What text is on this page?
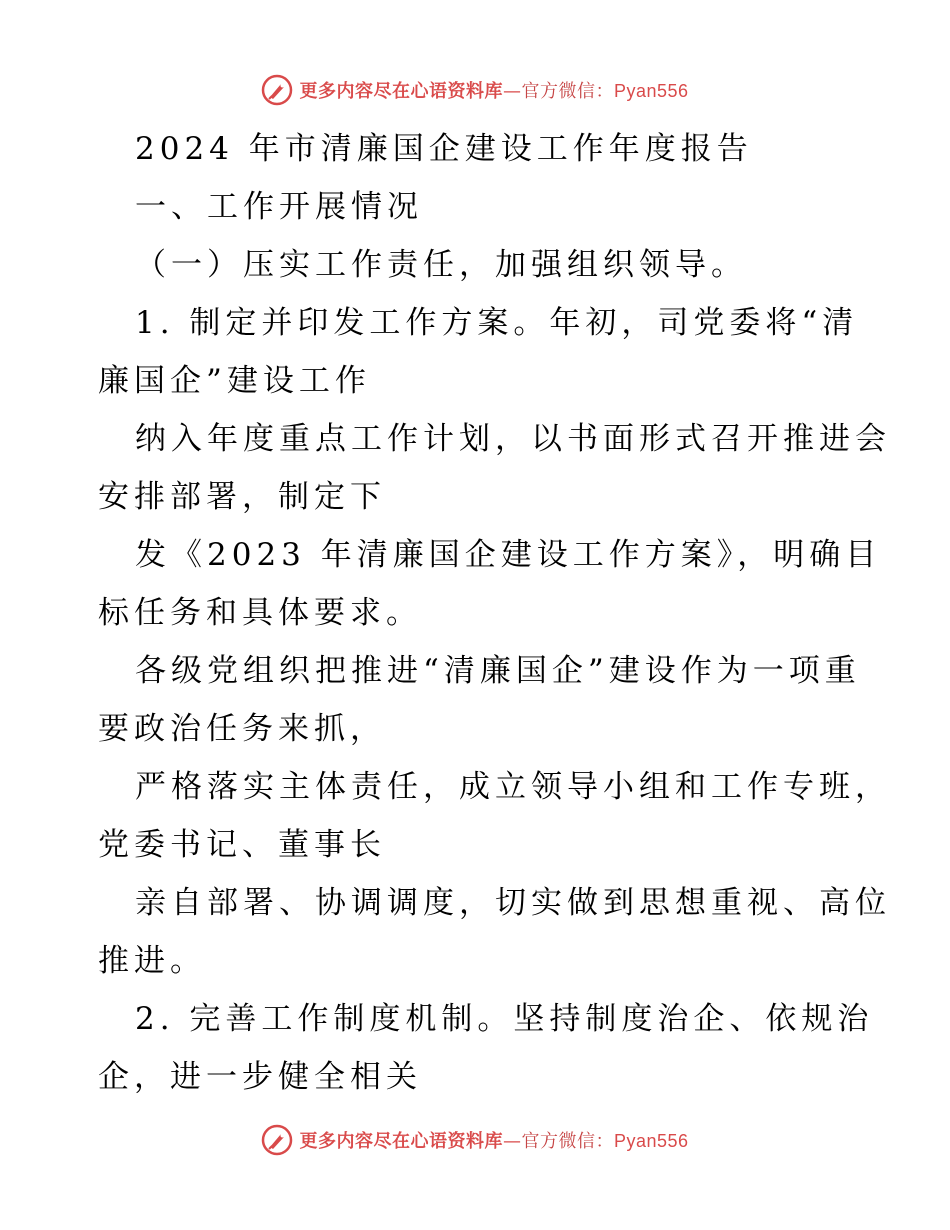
更多内容尽在心语资料库—官方微信：Pyan556
2024 年市清廉国企建设工作年度报告
一、工作开展情况
（一）压实工作责任，加强组织领导。
1. 制定并印发工作方案。年初，司党委将“清
廉国企”建设工作
纳入年度重点工作计划，以书面形式召开推进会
安排部署，制定下
发《2023 年清廉国企建设工作方案》，明确目
标任务和具体要求。
各级党组织把推进“清廉国企”建设作为一项重
要政治任务来抓，
严格落实主体责任，成立领导小组和工作专班，
党委书记、董事长
亲自部署、协调调度，切实做到思想重视、高位
推进。
2. 完善工作制度机制。坚持制度治企、依规治
企，进一步健全相关
更多内容尽在心语资料库—官方微信：Pyan556
